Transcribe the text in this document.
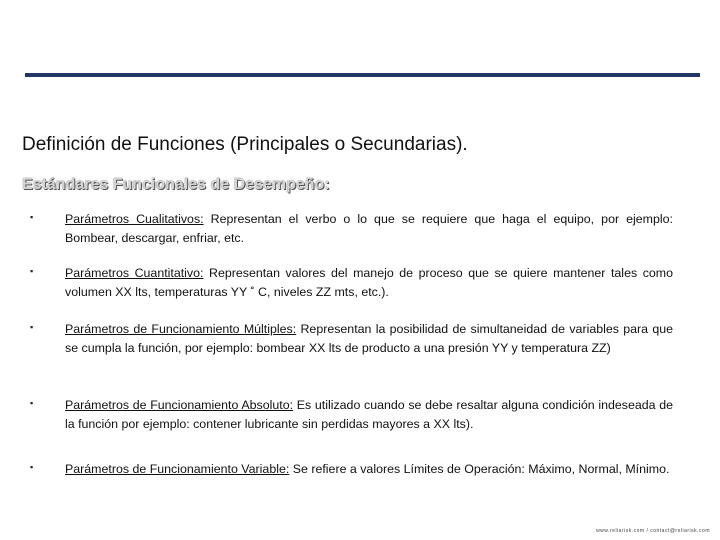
Definición de Funciones (Principales o Secundarias).
Estándares Funcionales de Desempeño:
▪	Parámetros Cualitativos: Representan el verbo o lo que se requiere que haga el equipo, por ejemplo: Bombear, descargar, enfriar, etc.
▪	Parámetros Cuantitativo: Representan valores del manejo de proceso que se quiere mantener tales como volumen XX lts, temperaturas YY ˚ C, niveles ZZ mts, etc.).
▪	Parámetros de Funcionamiento Múltiples: Representan la posibilidad de simultaneidad de variables para que se cumpla la función, por ejemplo: bombear XX lts de producto a una presión YY y temperatura ZZ)
▪	Parámetros de Funcionamiento Absoluto: Es utilizado cuando se debe resaltar alguna condición indeseada de la función por ejemplo: contener lubricante sin perdidas mayores a XX lts).
▪	Parámetros de Funcionamiento Variable: Se refiere a valores Límites de Operación: Máximo, Normal, Mínimo.
www.reliarisk.com / contact@reliarisk.com
